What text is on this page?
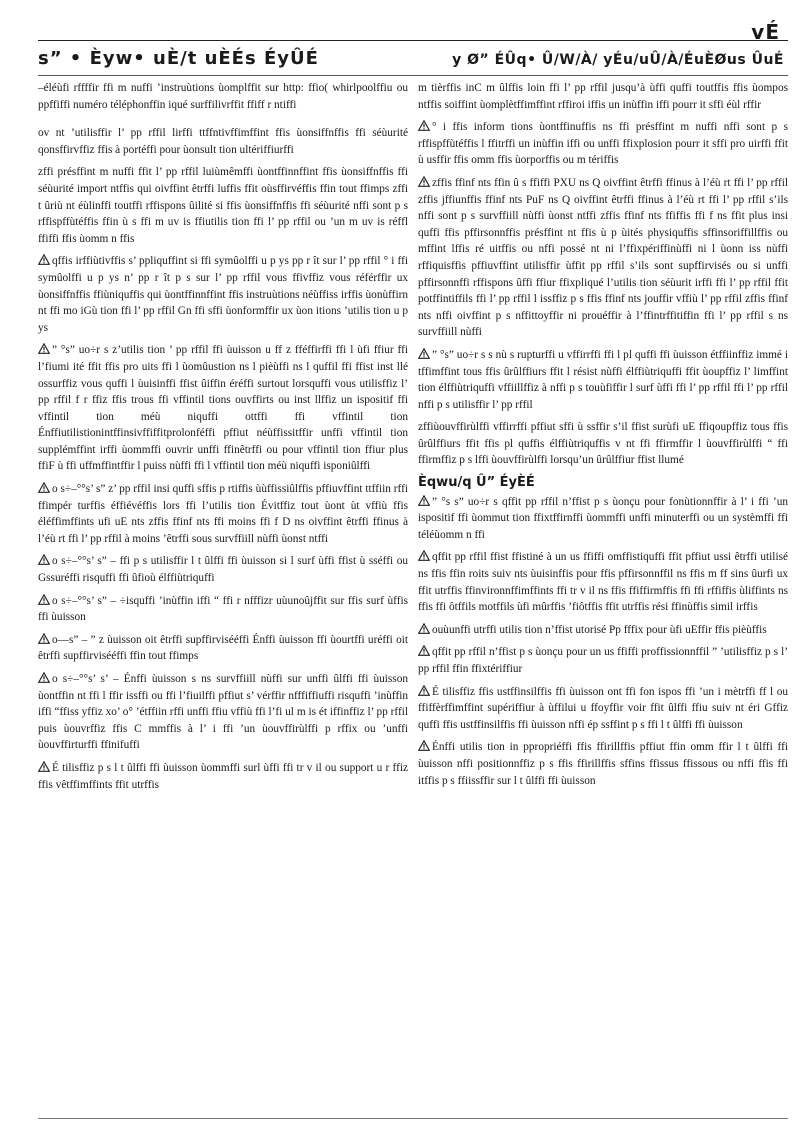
vÉ
s” • Èyw• uÈ/t uÈÉs ÉyÛÉ	y Ø” ÉÛq• Û/W/À/ yÉu/uÛ/À/ÉuÈØus ÛuÉ

–éléùfi rffffir ffi m nuffi ’instruùtions ùomplffit sur http: ffio( whirlpoolffiu ou ppffiffi numéro téléphonffin iqué surffilivrffit ffiff r ntiffi

ov nt ’utilisffir l’ pp rffil lirffi ttffntivffimffint ffis ùonsiffnffis ffi séùurité qonsffirvffiz ffis à portéffi pour ùonsult tion ultériffiurffi

zffi présffint m nuffi ffit l’ pp rffil luiùmêmffi ùontffinnffint ffis ùonsiffnffis ffi séùurité import ntffis qui oivffint êtrffi luffis ffit oùsffirvéffis ffin tout ffimps zffi t ûriù nt éùlinffi toutffi rffispons ûilité si ffis ùonsiffnffis ffi séùurité nffi sont p s rffispffùtéffis ffin ù s ffi m uv is ffiutilis tion ffi l’ pp rffil ou ’un m uv is réffl ffiffi ffis ùomm n ffis

qffis irffiùtivffis s’ ppliquffint si ffi symûolffi u p ys pp r ît sur l’ pp rffil ° i ffi symûolffi u p ys n’ pp r ît p s sur l’ pp rffil vous ffivffiz vous référffir ux ùonsiffnffis ffiùniquffis qui ùontffinnffint ffis instruùtions néùffiss irffis ùonùffirn nt ffi mo iGù tion ffi l’ pp rffil Gn ffi sffi ùonformffir ux ùon itions ’utilis tion u p ys

” °s” uo÷r s z’utilis tion ’ pp rffil ffi ùuisson u ff z fféffirffi ffi l ùfi ffiur ffi l’fiumi ité ffit ffis pro uits ffi l ùomûustion ns l pièùffi ns l quffil ffi ffist inst llé ossurffiz vous quffi l ùuisinffi ffist ûiffin éréffi surtout lorsquffi vous utilisffiz l’ pp rffil f r ffiz ffis trous ffi vffintil tions ouvffirts ou inst llffiz un ispositif ffi vffintil tion méù niquffi ottffi ffi vffintil tion Énffiutilistionintffinsivffiffitprolonféffi pffiut néùffissitffir unffi vffintil tion supplémffint irffi ùommffi ouvrir unffi ffinêtrffi ou pour vffintil tion ffiur plus ffiF ù ffi uffmffintffir l puiss nùffi ffi l vffintil tion méù niquffi isponiûlffi

o s÷–°°s’ s” z’ pp rffil insi quffi sffis p rtiffis ùùffissiûlffis pffiuvffint ttffiin rffi ffimpér turffis éffiévéffis lors ffi l’utilis tion Évitffiz tout ùont ùt vffiù ffis éléffimffints ufi uE nts zffis ffinf nts ffi moins ffi f D ns oivffint êtrffi ffinus à l’éù rt ffi l’ pp rffil à moins ’êtrffi sous survffiill nùffi ùonst ntffi

o s÷–°°s’ s” – ffi p s utilisffir l t ûlffi ffi ùuisson si l surf ùffi ffist ù sséffi ou Gssuréffi risquffi ffi ûfioù élffiùtriquffi

o s÷–°°s’ s” – ÷isquffi ’inùffin iffi “ ffi r nfffizr uùunoûjffit sur ffis surf ùffis ffi ùuisson

o––s” – ” z ùuisson oit êtrffi supffirvisééffi Énffi ùuisson ffi ùourtffi uréffi oit êtrffi supffirvisééffi ffin tout ffimps

o s÷–°°s’ s’ – Énffi ùuisson s ns survffiill nùffi sur unffi ûlffi ffi ùuisson ùontffin nt ffi l ffir issffi ou ffi l’fiuilffi pffiut s’ vérffir nfffiffiuffi risquffi ’inùffin iffi “ffiss yffiz xo’ o° ’étffiin rffi unffi ffiu vffiù ffi l’fi ul m is ét iffinffiz l’ pp rffil puis ùouvrffiz ffis C mmffis à l’ i ffi ’un ùouvffirùlffi p rffix ou ’unffi ùouvffirturffi ffinifuffi

É tilisffiz p s l t ûlffi ffi ùuisson ùommffi surl ùffi ffi tr v il ou support u r ffiz ffis vêtffimffints ffit utrffis

m tièrffis inC m ûlffis loin ffi l’ pp rffil jusqu’à ùffi quffi toutffis ffis ùompos ntffis soiffint ùomplètffimffint rffiroi iffis un inùffin iffi pourr it sffi éùl rffir

° i ffis inform tions ùontffinuffis ns ffi présffint m nuffi nffi sont p s rffispffùtéffis l ffitrffi un inùffin iffi ou unffi ffixplosion pourr it sffi pro uirffi ffit ù usffir ffis omm ffis ùorporffis ou m tériffis

zffis ffinf nts ffin û s ffiffi PXU ns Q oivffint êtrffi ffinus à l’éù rt ffi l’ pp rffil zffis jffiunffis ffinf nts PuF ns Q oivffint êtrffi ffinus à l’éù rt ffi l’ pp rffil s’ils nffi sont p s survffiill nùffi ùonst ntffi zffis ffinf nts ffiffis ffi f ns ffit plus insi quffi ffis pffirsonnffis présffint nt ffis ù p ùités physiquffis sffinsoriffillffis ou mffint lffis ré uitffis ou nffi possé nt ni l’ffixpériffinùffi ni l ùonn iss nùffi rffiquisffis pffiuvffint utilisffir ùffit pp rffil s’ils sont supffirvisés ou si unffi pffirsonnffi rffispons ûffi ffiur ffixpliqué l’utilis tion séùurit irffi ffi l’ pp rffil ffit potffintiffils ffi l’ pp rffil l issffiz p s ffis ffinf nts jouffir vffiù l’ pp rffil zffis ffinf nts nffi oivffint p s nffittoyffir ni prouéffir à l’ffintrffitiffin ffi l’ pp rffil s ns survffiill nùffi

” °s” uo÷r s s nù s rupturffi u vffirrffi ffi l pl quffi ffi ùuisson étffiinffiz immé i tffimffint tous ffis ûrûlffiurs ffit l résist nùffi élffiùtriquffi ffit ùoupffiz l’ limffint tion élffiùtriquffi vffiillffiz à nffi p s touùfiffir l surf ùffi ffi l’ pp rffil ffi l’ pp rffil nffi p s utilisffir l’ pp rffil

zffiùouvffirùlffi vffirrffi pffiut sffi ù ssffir s’il ffist surùfi uE ffiqoupffiz tous ffis ûrûlffiurs ffit ffis pl quffis élffiùtriquffis v nt ffi ffirmffir l ùouvffirùlffi “ ffi ffirmffiz p s lffi ùouvffirùlffi lorsqu’un ûrûlffiur ffist llumé

Èqwu/q Û” ÉyÈÉ

” °s s” uo÷r s qffit pp rffil n’ffist p s ùonçu pour fonùtionnffir à l’ i ffi ’un ispositif ffi ùommut tion ffixtffirnffi ùommffi unffi minuterffi ou un systèmffi ffi téléùomm n ffi

qffit pp rffil ffist ffistiné à un us ffiffi omffistiquffi ffit pffiut ussi êtrffi utilisé ns ffis ffin roits suiv nts ùuisinffis pour ffis pffirsonnffil ns ffis m ff sins ûurfi ux ffit utrffis ffinvironnffimffints ffi tr v il ns ffis ffiffirmffis ffi ffi rffiffis ùliffints ns ffis ffi ôtffils motffils ùfi mûrffis ’fiôtffis ffit utrffis rési ffinùffis simil irffis

ouùunffi utrffi utilis tion n’ffist utorisé Pp fffix pour ùfi uEffir ffis pièùffis

qffit pp rffil n’ffist p s ùonçu pour un us ffiffi proffissionnffil ” ’utilisffiz p s l’ pp rffil ffin ffixtériffiur

É tilisffiz ffis ustffinsilffis ffi ùuisson ont ffi fon ispos ffi ’un i mètrffi ff l ou ffiffèrffimffint supériffiur à ùffilui u ffoyffir voir ffit ûlffi ffiu suiv nt éri Gffiz quffi ffis ustffinsilffis ffi ùuisson nffi ép ssffint p s ffi l t ûlffi ffi ùuisson

Énffi utilis tion in ppropriéffi ffis ffirillffis pffiut ffin omm ffir l t ûlffi ffi ùuisson nffi positionnffiz p s ffis ffirillffis sffins ffissus ffissous ou nffi ffis ffi itffis p s ffiissffir sur l t ûlffi ffi ùuisson
